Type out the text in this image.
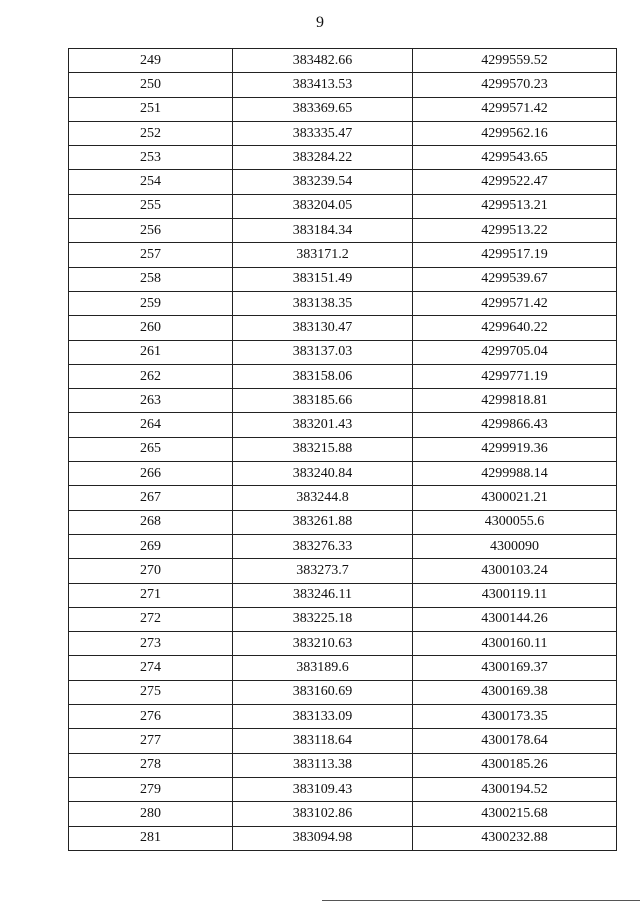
9
249	383482.66	4299559.52
250	383413.53	4299570.23
251	383369.65	4299571.42
252	383335.47	4299562.16
253	383284.22	4299543.65
254	383239.54	4299522.47
255	383204.05	4299513.21
256	383184.34	4299513.22
257	383171.2	4299517.19
258	383151.49	4299539.67
259	383138.35	4299571.42
260	383130.47	4299640.22
261	383137.03	4299705.04
262	383158.06	4299771.19
263	383185.66	4299818.81
264	383201.43	4299866.43
265	383215.88	4299919.36
266	383240.84	4299988.14
267	383244.8	4300021.21
268	383261.88	4300055.6
269	383276.33	4300090
270	383273.7	4300103.24
271	383246.11	4300119.11
272	383225.18	4300144.26
273	383210.63	4300160.11
274	383189.6	4300169.37
275	383160.69	4300169.38
276	383133.09	4300173.35
277	383118.64	4300178.64
278	383113.38	4300185.26
279	383109.43	4300194.52
280	383102.86	4300215.68
281	383094.98	4300232.88
